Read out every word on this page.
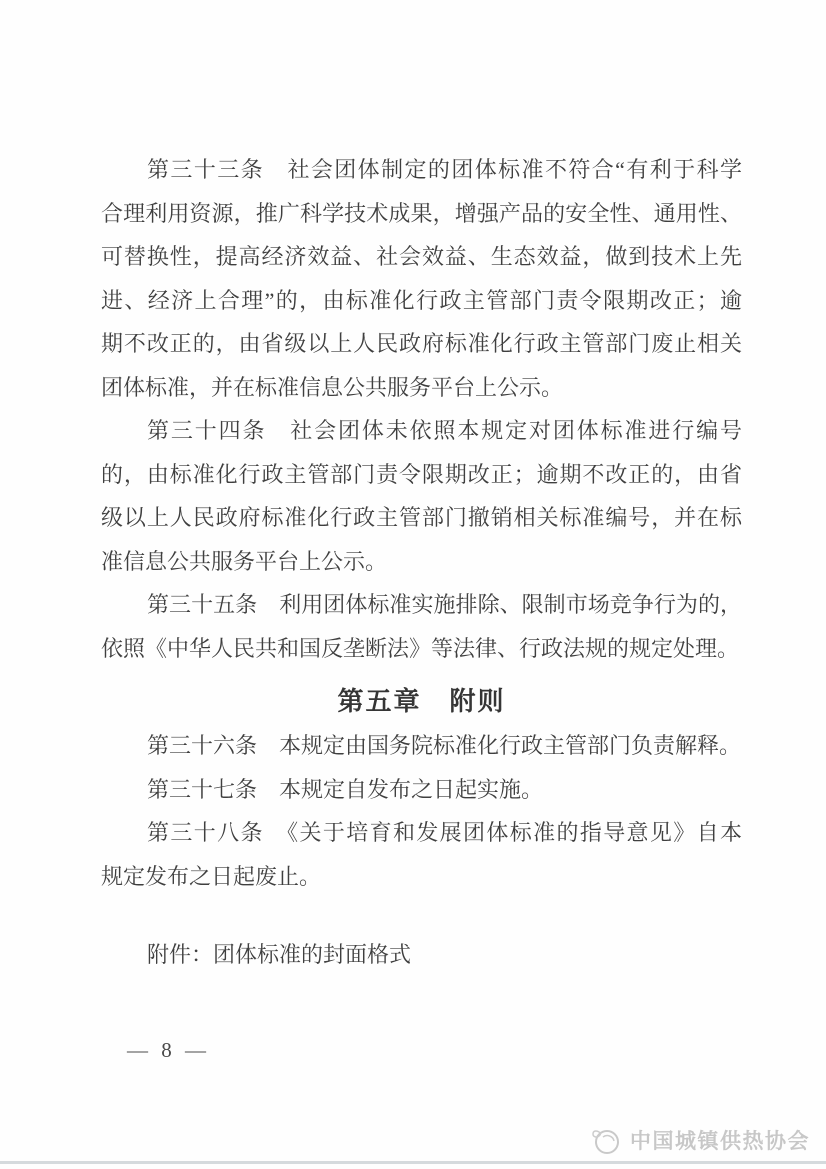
第三十三条　社会团体制定的团体标准不符合“有利于科学
合理利用资源，推广科学技术成果，增强产品的安全性、通用性、
可替换性，提高经济效益、社会效益、生态效益，做到技术上先
进、经济上合理”的，由标准化行政主管部门责令限期改正；逾
期不改正的，由省级以上人民政府标准化行政主管部门废止相关
团体标准，并在标准信息公共服务平台上公示。

第三十四条　社会团体未依照本规定对团体标准进行编号
的，由标准化行政主管部门责令限期改正；逾期不改正的，由省
级以上人民政府标准化行政主管部门撤销相关标准编号，并在标
准信息公共服务平台上公示。

第三十五条　利用团体标准实施排除、限制市场竞争行为的，
依照《中华人民共和国反垄断法》等法律、行政法规的规定处理。

第五章　附则

第三十六条　本规定由国务院标准化行政主管部门负责解释。

第三十七条　本规定自发布之日起实施。

第三十八条　《关于培育和发展团体标准的指导意见》自本
规定发布之日起废止。

附件：团体标准的封面格式

— 8 —
中国城镇供热协会
